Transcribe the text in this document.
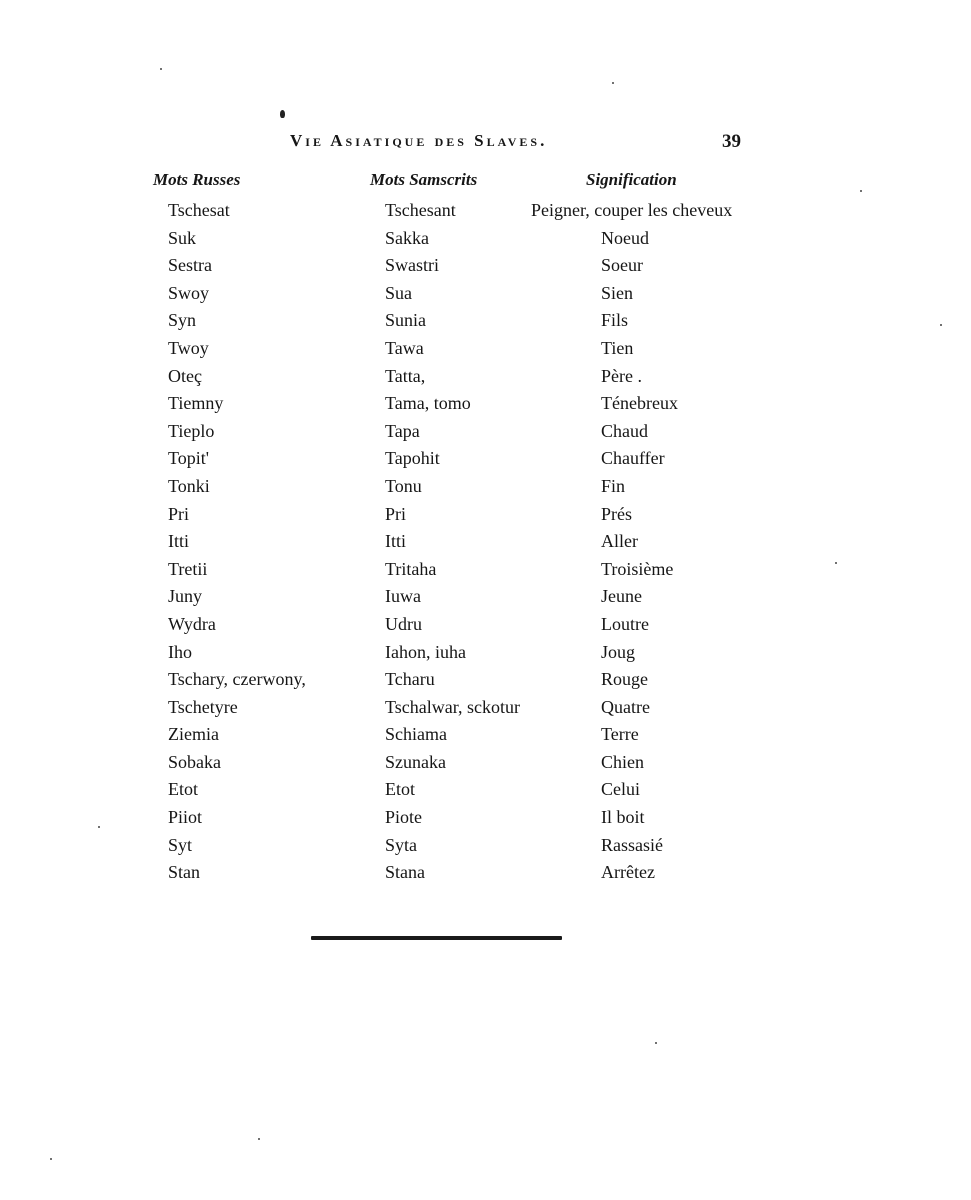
Vie Asiatique des Slaves.	39
Mots Russes	Mots Samscrits	Signification
Tschesat	Tschesant	Peigner, couper les cheveux
Suk	Sakka	Noeud
Sestra	Swastri	Soeur
Swoy	Sua	Sien
Syn	Sunia	Fils
Twoy	Tawa	Tien
Oteç	Tatta,	Père .
Tiemny	Tama, tomo	Ténebreux
Tieplo	Tapa	Chaud
Topit'	Tapohit	Chauffer
Tonki	Tonu	Fin
Pri	Pri	Prés
Itti	Itti	Aller
Tretii	Tritaha	Troisième
Juny	Iuwa	Jeune
Wydra	Udru	Loutre
Iho	Iahon, iuha	Joug
Tschary, czerwony,	Tcharu	Rouge
Tschetyre	Tschalwar, sckotur	Quatre
Ziemia	Schiama	Terre
Sobaka	Szunaka	Chien
Etot	Etot	Celui
Piiot	Piote	Il boit
Syt	Syta	Rassasié
Stan	Stana	Arrêtez
